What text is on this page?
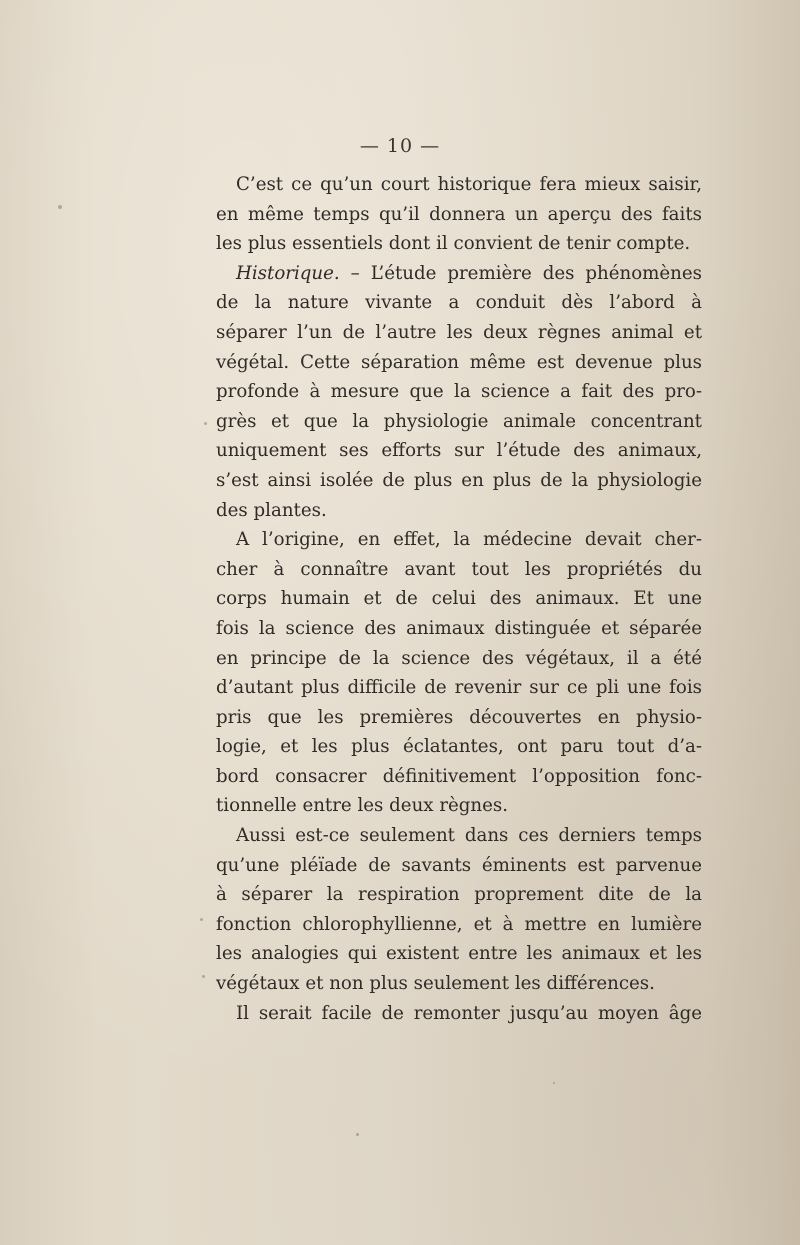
— 10 —
C’est ce qu’un court historique fera mieux saisir,
en même temps qu’il donnera un aperçu des faits
les plus essentiels dont il convient de tenir compte.
Historique. – L’étude première des phénomènes
de la nature vivante a conduit dès l’abord à
séparer l’un de l’autre les deux règnes animal et
végétal. Cette séparation même est devenue plus
profonde à mesure que la science a fait des pro-
grès et que la physiologie animale concentrant
uniquement ses efforts sur l’étude des animaux,
s’est ainsi isolée de plus en plus de la physiologie
des plantes.
A l’origine, en effet, la médecine devait cher-
cher à connaître avant tout les propriétés du
corps humain et de celui des animaux. Et une
fois la science des animaux distinguée et séparée
en principe de la science des végétaux, il a été
d’autant plus difficile de revenir sur ce pli une fois
pris que les premières découvertes en physio-
logie, et les plus éclatantes, ont paru tout d’a-
bord consacrer définitivement l’opposition fonc-
tionnelle entre les deux règnes.
Aussi est-ce seulement dans ces derniers temps
qu’une pléïade de savants éminents est parvenue
à séparer la respiration proprement dite de la
fonction chlorophyllienne, et à mettre en lumière
les analogies qui existent entre les animaux et les
végétaux et non plus seulement les différences.
Il serait facile de remonter jusqu’au moyen âge
